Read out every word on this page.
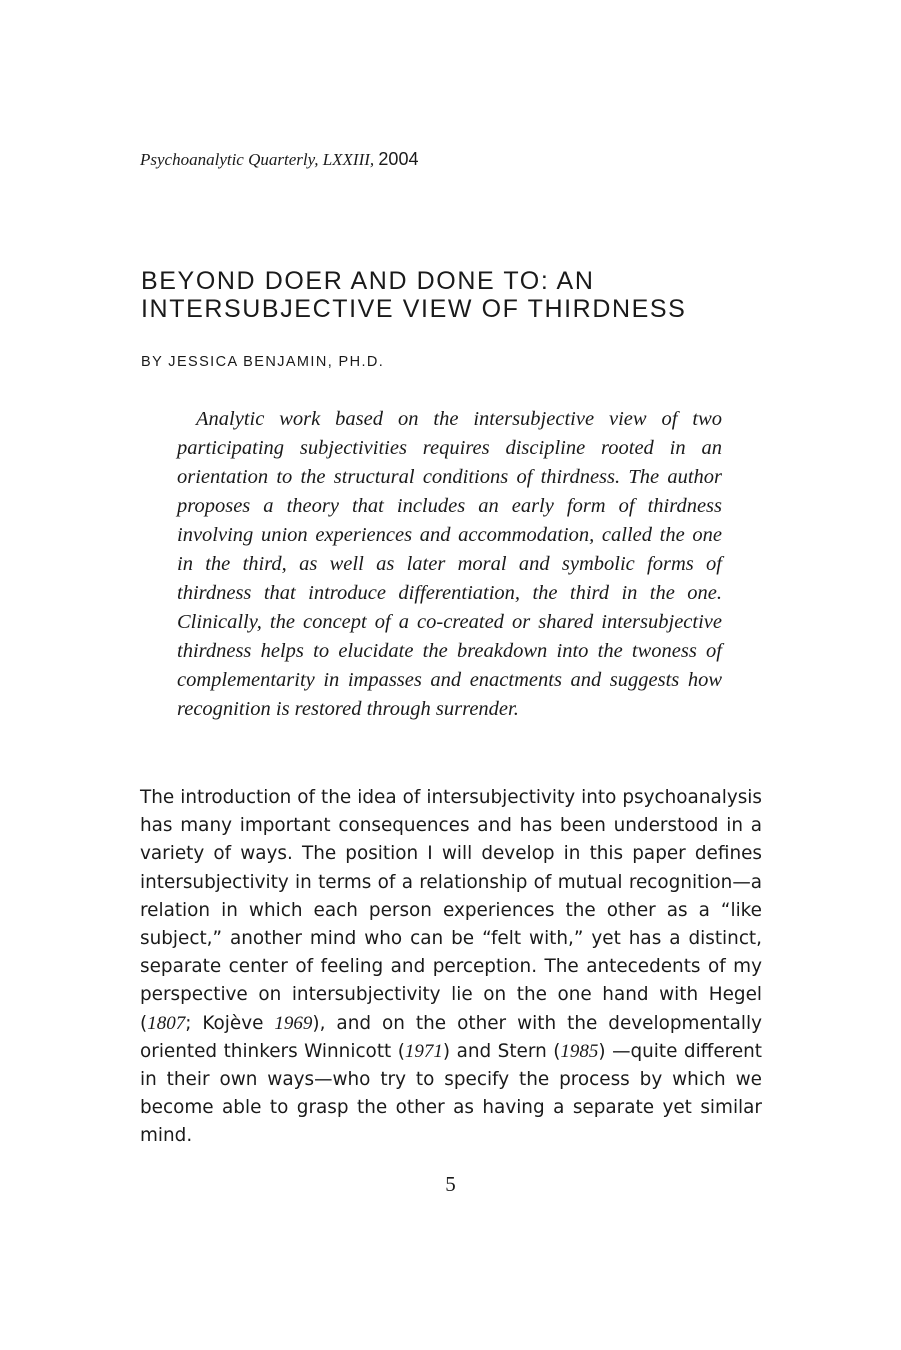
Psychoanalytic Quarterly, LXXIII, 2004
BEYOND DOER AND DONE TO: AN
INTERSUBJECTIVE VIEW OF THIRDNESS
BY JESSICA BENJAMIN, PH.D.

Analytic work based on the intersubjective view of two participating subjectivities requires discipline rooted in an orientation to the structural conditions of thirdness. The author proposes a theory that includes an early form of thirdness involving union experiences and accommodation, called the one in the third, as well as later moral and symbolic forms of thirdness that introduce differentiation, the third in the one. Clinically, the concept of a co-created or shared intersubjective thirdness helps to elucidate the breakdown into the twoness of complementarity in impasses and enactments and suggests how recognition is restored through surrender.

The introduction of the idea of intersubjectivity into psychoanalysis has many important consequences and has been understood in a variety of ways. The position I will develop in this paper defines intersubjectivity in terms of a relationship of mutual recognition—a relation in which each person experiences the other as a “like subject,” another mind who can be “felt with,” yet has a distinct, separate center of feeling and perception. The antecedents of my perspective on intersubjectivity lie on the one hand with Hegel (1807; Kojève 1969), and on the other with the developmentally oriented thinkers Winnicott (1971) and Stern (1985) —quite different in their own ways—who try to specify the process by which we become able to grasp the other as having a separate yet similar mind.

5
